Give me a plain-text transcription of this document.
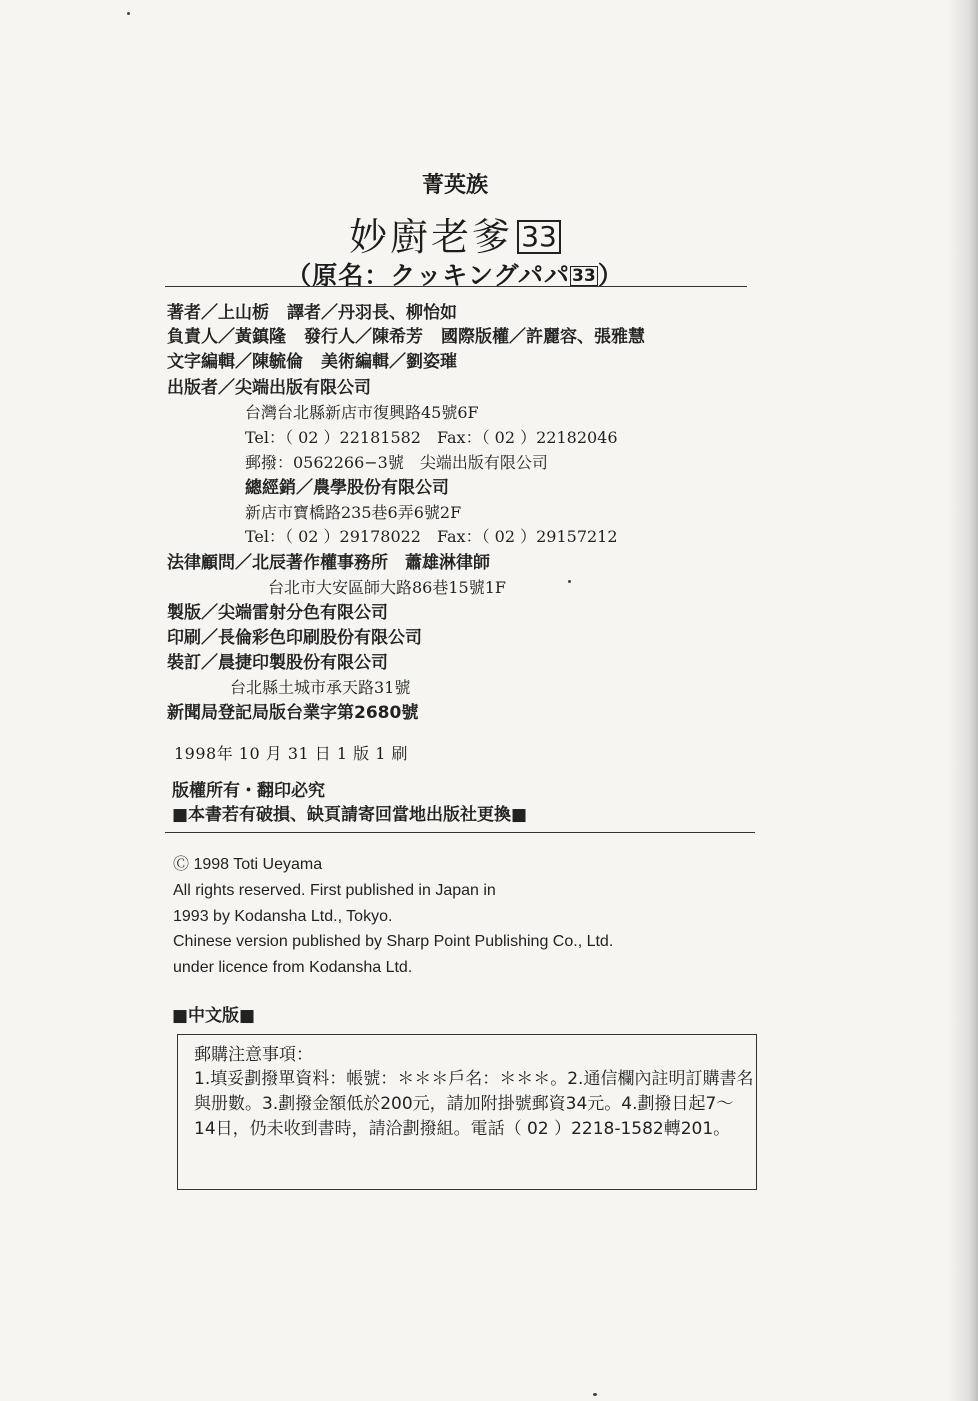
菁英族
妙廚老爹 33
（原名：クッキングパパ 33）
著者／上山栃 譯者／丹羽長、柳怡如
負責人／黃鎮隆 發行人／陳希芳 國際版權／許麗容、張雅慧
文字編輯／陳毓倫 美術編輯／劉姿璀
出版者／尖端出版有限公司
台灣台北縣新店市復興路45號6F
Tel：（ 02 ）22181582　Fax：（ 02 ）22182046
郵撥：0562266−3號　尖端出版有限公司
總經銷／農學股份有限公司
新店市寶橋路235巷6弄6號2F
Tel：（ 02 ）29178022　Fax：（ 02 ）29157212
法律顧問／北辰著作權事務所　蕭雄淋律師
台北市大安區師大路86巷15號1F
製版／尖端雷射分色有限公司
印刷／長倫彩色印刷股份有限公司
裝訂／晨捷印製股份有限公司
台北縣土城市承天路31號
新聞局登記局版台業字第2680號
1998年 10 月 31 日 1 版 1 刷
版權所有・翻印必究
■本書若有破損、缺頁請寄回當地出版社更換■
Ⓒ 1998 Toti Ueyama
All rights reserved. First published in Japan in
1993 by Kodansha Ltd., Tokyo.
Chinese version published by Sharp Point Publishing Co., Ltd.
under licence from Kodansha Ltd.
■中文版■
郵購注意事項：
1.填妥劃撥單資料：帳號：＊＊＊戶名：＊＊＊。2.通信欄內註明訂購書名與册數。3.劃撥金額低於200元，請加附掛號郵資34元。4.劃撥日起7～14日，仍未收到書時，請洽劃撥組。電話（ 02 ）2218-1582轉201。
